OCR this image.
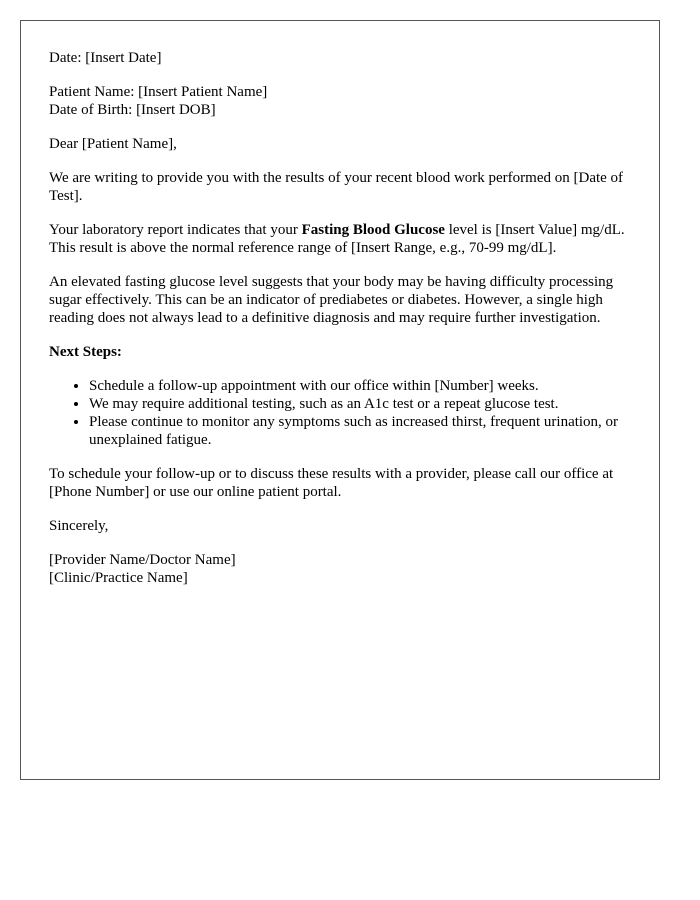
Date: [Insert Date]

Patient Name: [Insert Patient Name]
Date of Birth: [Insert DOB]

Dear [Patient Name],

We are writing to provide you with the results of your recent blood work performed on [Date of Test].

Your laboratory report indicates that your Fasting Blood Glucose level is [Insert Value] mg/dL. This result is above the normal reference range of [Insert Range, e.g., 70-99 mg/dL].

An elevated fasting glucose level suggests that your body may be having difficulty processing sugar effectively. This can be an indicator of prediabetes or diabetes. However, a single high reading does not always lead to a definitive diagnosis and may require further investigation.

Next Steps:

• Schedule a follow-up appointment with our office within [Number] weeks.
• We may require additional testing, such as an A1c test or a repeat glucose test.
• Please continue to monitor any symptoms such as increased thirst, frequent urination, or unexplained fatigue.

To schedule your follow-up or to discuss these results with a provider, please call our office at [Phone Number] or use our online patient portal.

Sincerely,

[Provider Name/Doctor Name]
[Clinic/Practice Name]
